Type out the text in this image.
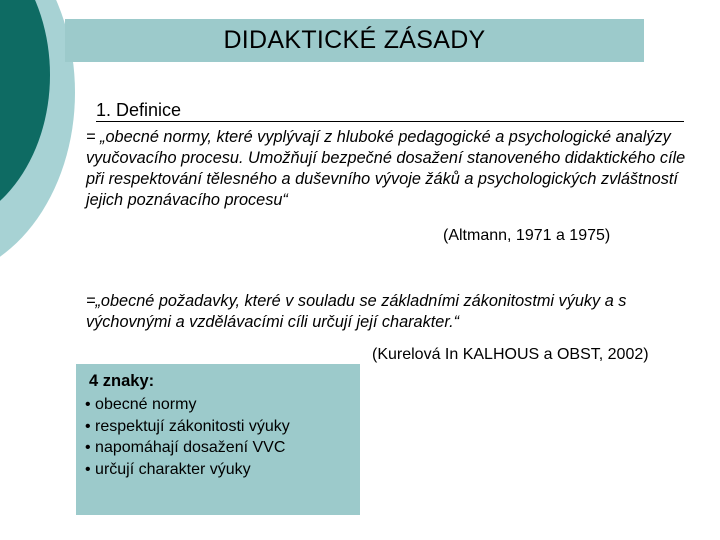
DIDAKTICKÉ ZÁSADY
1. Definice
= „obecné normy, které vyplývají z hluboké pedagogické a psychologické analýzy vyučovacího procesu. Umožňují bezpečné dosažení stanoveného didaktického cíle při respektování tělesného a duševního vývoje žáků a psychologických zvláštností jejich poznávacího procesu“
(Altmann, 1971 a 1975)
=„obecné požadavky, které v souladu se základními zákonitostmi výuky a s výchovnými a vzdělávacími cíli určují její charakter.“
(Kurelová In KALHOUS a OBST, 2002)
4 znaky:
• obecné normy
• respektují zákonitosti výuky
• napomáhají dosažení VVC
• určují charakter výuky
